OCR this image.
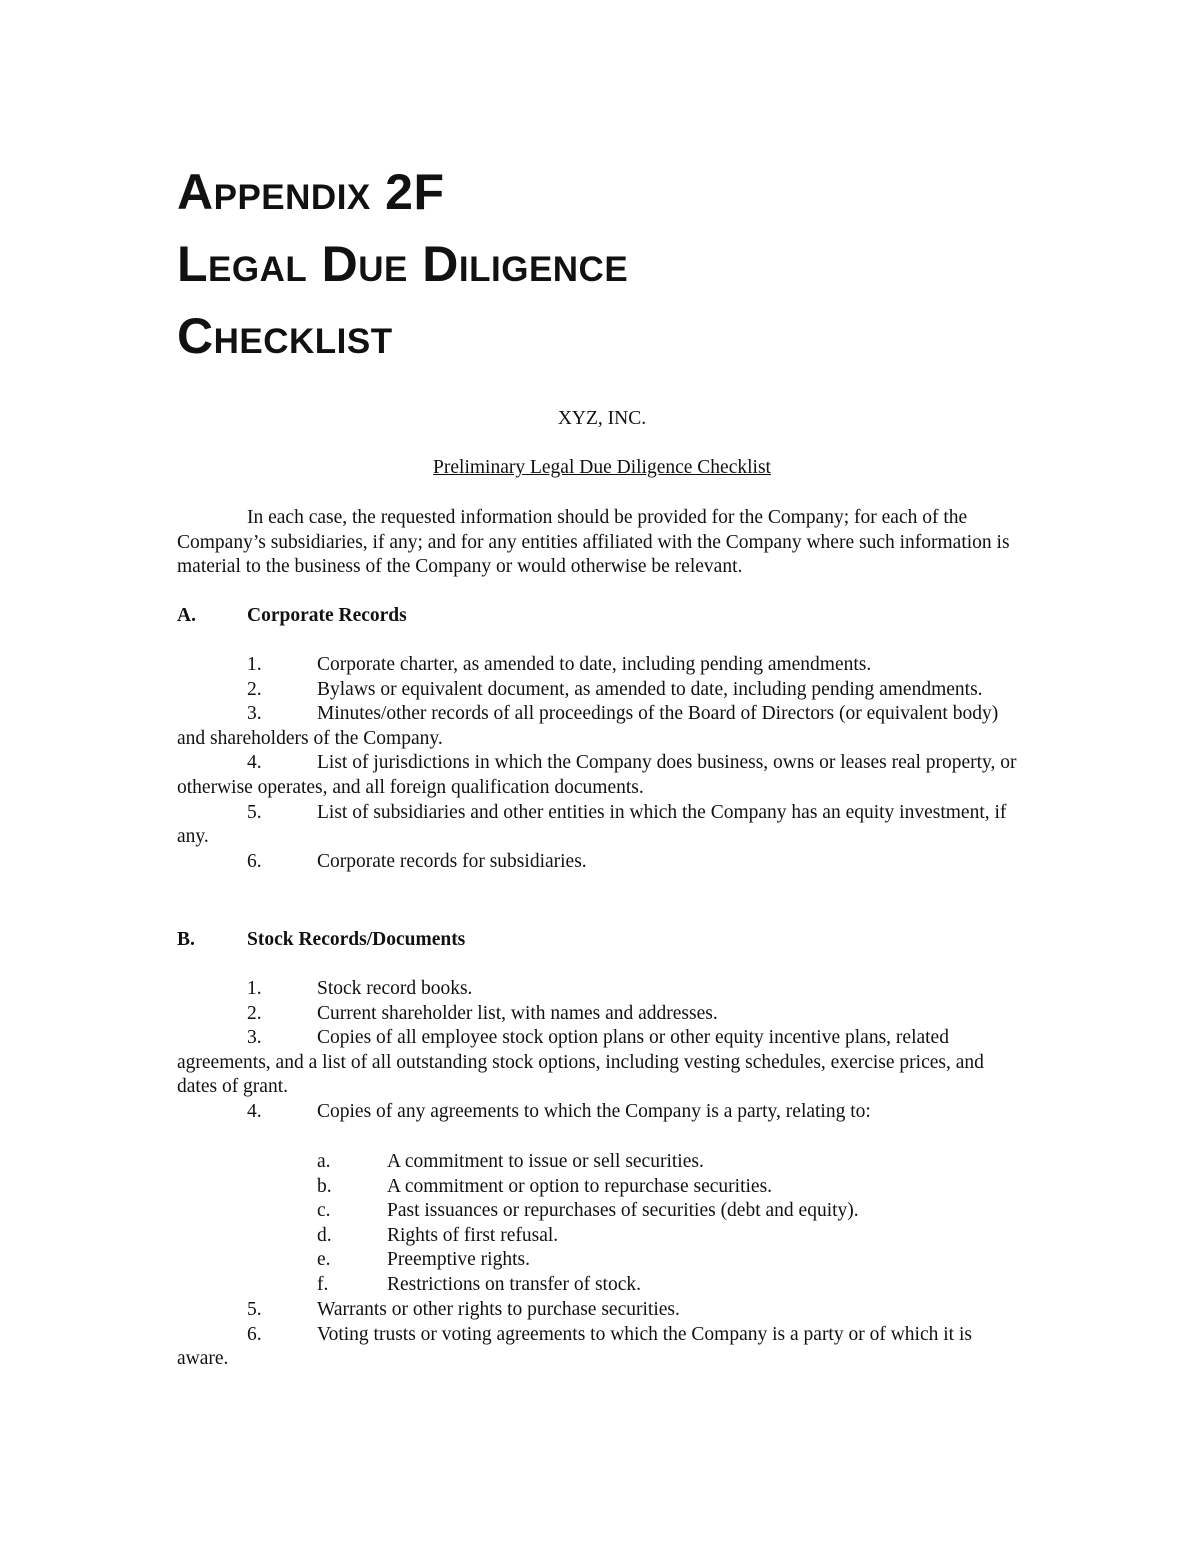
Appendix 2F
Legal Due Diligence
Checklist
XYZ, INC.
Preliminary Legal Due Diligence Checklist
In each case, the requested information should be provided for the Company; for each of the Company’s subsidiaries, if any; and for any entities affiliated with the Company where such information is material to the business of the Company or would otherwise be relevant.
A.	Corporate Records
1.	Corporate charter, as amended to date, including pending amendments.
2.	Bylaws or equivalent document, as amended to date, including pending amendments.
3.	Minutes/other records of all proceedings of the Board of Directors (or equivalent body) and shareholders of the Company.
4.	List of jurisdictions in which the Company does business, owns or leases real property, or otherwise operates, and all foreign qualification documents.
5.	List of subsidiaries and other entities in which the Company has an equity investment, if any.
6.	Corporate records for subsidiaries.
B.	Stock Records/Documents
1.	Stock record books.
2.	Current shareholder list, with names and addresses.
3.	Copies of all employee stock option plans or other equity incentive plans, related agreements, and a list of all outstanding stock options, including vesting schedules, exercise prices, and dates of grant.
4.	Copies of any agreements to which the Company is a party, relating to:
a.	A commitment to issue or sell securities.
b.	A commitment or option to repurchase securities.
c.	Past issuances or repurchases of securities (debt and equity).
d.	Rights of first refusal.
e.	Preemptive rights.
f.	Restrictions on transfer of stock.
5.	Warrants or other rights to purchase securities.
6.	Voting trusts or voting agreements to which the Company is a party or of which it is aware.
